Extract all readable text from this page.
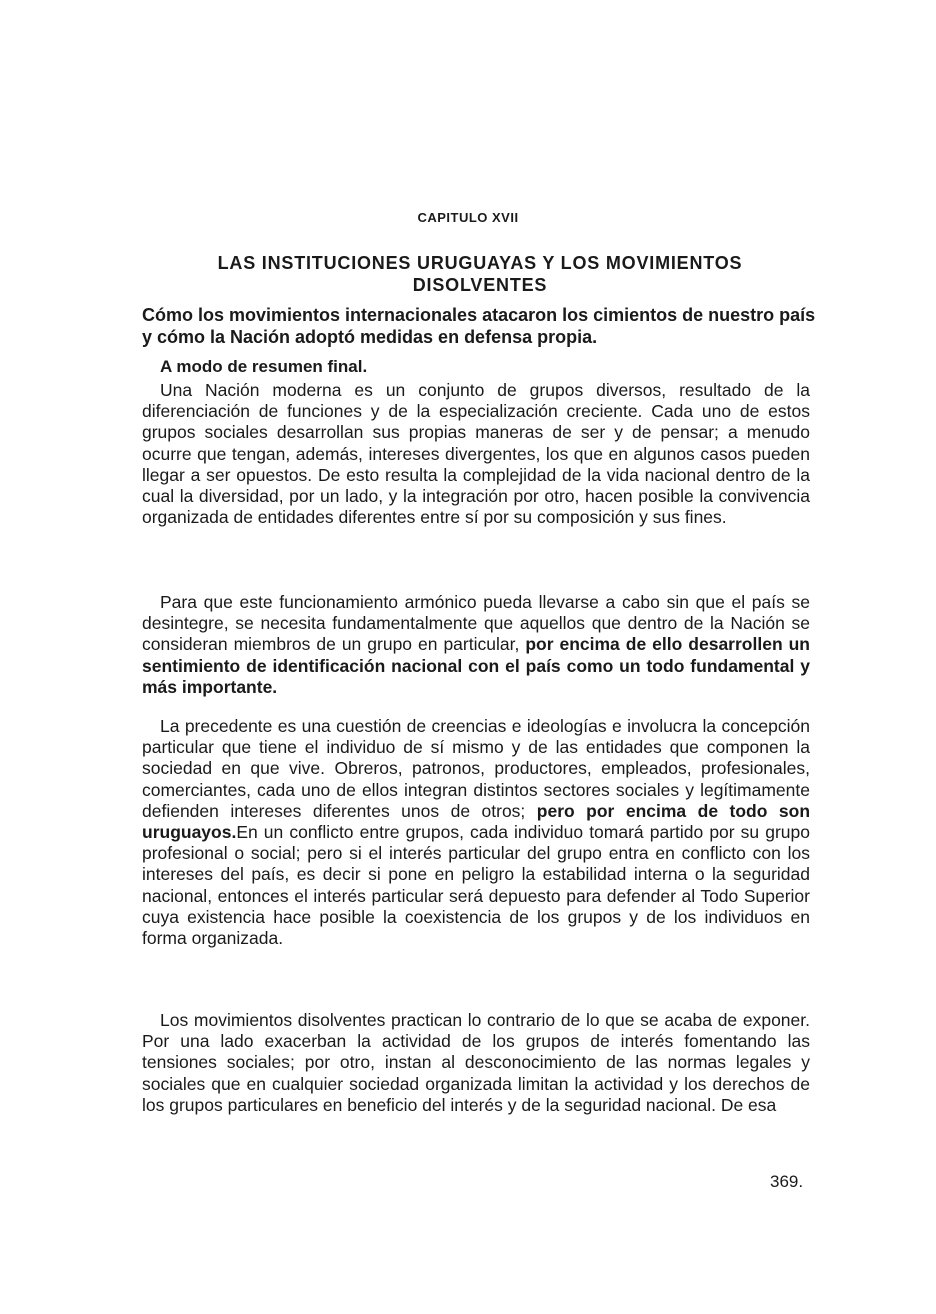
CAPITULO XVII
LAS INSTITUCIONES URUGUAYAS Y LOS MOVIMIENTOS DISOLVENTES
Cómo los movimientos internacionales atacaron los cimientos de nuestro país y cómo la Nación adoptó medidas en defensa propia.
A modo de resumen final.

Una Nación moderna es un conjunto de grupos diversos, resultado de la diferenciación de funciones y de la especialización creciente. Cada uno de estos grupos sociales desarrollan sus propias maneras de ser y de pensar; a menudo ocurre que tengan, además, intereses divergentes, los que en algunos casos pueden llegar a ser opuestos. De esto resulta la complejidad de la vida nacional dentro de la cual la diversidad, por un lado, y la integración por otro, hacen posible la convivencia organizada de entidades diferentes entre sí por su composición y sus fines.

Para que este funcionamiento armónico pueda llevarse a cabo sin que el país se desintegre, se necesita fundamentalmente que aquellos que dentro de la Nación se consideran miembros de un grupo en particular, por encima de ello desarrollen un sentimiento de identificación nacional con el país como un todo fundamental y más importante.

La precedente es una cuestión de creencias e ideologías e involucra la concepción particular que tiene el individuo de sí mismo y de las entidades que componen la sociedad en que vive. Obreros, patronos, productores, empleados, profesionales, comerciantes, cada uno de ellos integran distintos sectores sociales y legítimamente defienden intereses diferentes unos de otros; pero por encima de todo son uruguayos.En un conflicto entre grupos, cada individuo tomará partido por su grupo profesional o social; pero si el interés particular del grupo entra en conflicto con los intereses del país, es decir si pone en peligro la estabilidad interna o la seguridad nacional, entonces el interés particular será depuesto para defender al Todo Superior cuya existencia hace posible la coexistencia de los grupos y de los individuos en forma organizada.

Los movimientos disolventes practican lo contrario de lo que se acaba de exponer. Por una lado exacerban la actividad de los grupos de interés fomentando las tensiones sociales; por otro, instan al desconocimiento de las normas legales y sociales que en cualquier sociedad organizada limitan la actividad y los derechos de los grupos particulares en beneficio del interés y de la seguridad nacional. De esa

369.
